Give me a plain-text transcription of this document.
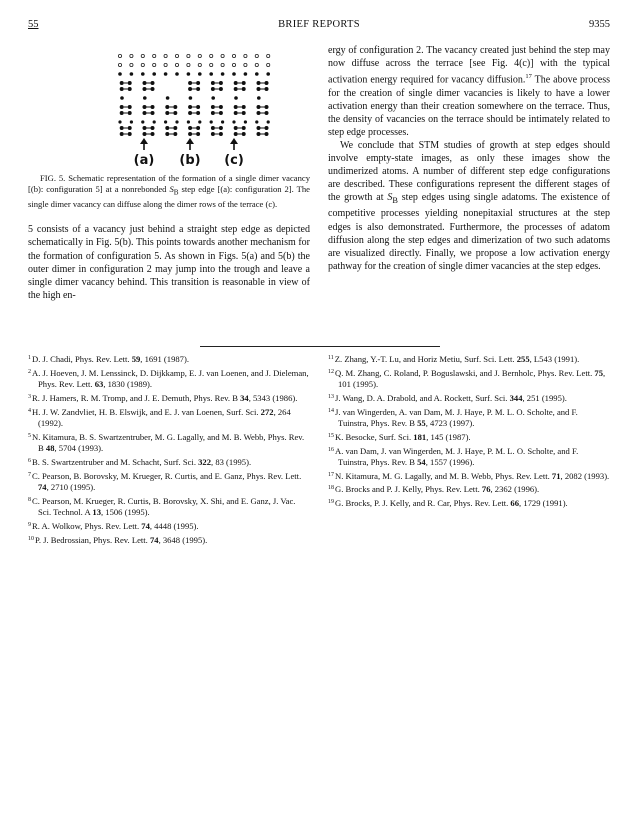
55	BRIEF REPORTS	9355
(a) (b) (c)
FIG. 5. Schematic representation of the formation of a single dimer vacancy [(b): configuration 5] at a nonrebonded $S_B$ step edge [(a): configuration 2]. The single dimer vacancy can diffuse along the dimer rows of the terrace (c).

5 consists of a vacancy just behind a straight step edge as depicted schematically in Fig. 5(b). This points towards another mechanism for the formation of configuration 5. As shown in Figs. 5(a) and 5(b) the outer dimer in configuration 2 may jump into the trough and leave a single dimer vacancy behind. This transition is reasonable in view of the high en-

ergy of configuration 2. The vacancy created just behind the step may now diffuse across the terrace [see Fig. 4(c)] with the typical activation energy required for vacancy diffusion.$^{17}$ The above process for the creation of single dimer vacancies is likely to have a lower activation energy than their creation somewhere on the terrace. Thus, the density of vacancies on the terrace should be intimately related to step edge processes.

We conclude that STM studies of growth at step edges should involve empty-state images, as only these images show the undimerized atoms. A number of different step edge configurations are described. These configurations represent the different stages of the growth at $S_B$ step edges using single adatoms. The existence of competitive processes yielding nonepitaxial structures at the step edges is also demonstrated. Furthermore, the processes of adatom diffusion along the step edges and dimerization of two such adatoms are visualized directly. Finally, we propose a low activation energy pathway for the creation of single dimer vacancies at the step edges.

$^1$D. J. Chadi, Phys. Rev. Lett. 59, 1691 (1987).
$^2$A. J. Hoeven, J. M. Lenssinck, D. Dijkkamp, E. J. van Loenen, and J. Dieleman, Phys. Rev. Lett. 63, 1830 (1989).
$^3$R. J. Hamers, R. M. Tromp, and J. E. Demuth, Phys. Rev. B 34, 5343 (1986).
$^4$H. J. W. Zandvliet, H. B. Elswijk, and E. J. van Loenen, Surf. Sci. 272, 264 (1992).
$^5$N. Kitamura, B. S. Swartzentruber, M. G. Lagally, and M. B. Webb, Phys. Rev. B 48, 5704 (1993).
$^6$B. S. Swartzentruber and M. Schacht, Surf. Sci. 322, 83 (1995).
$^7$C. Pearson, B. Borovsky, M. Krueger, R. Curtis, and E. Ganz, Phys. Rev. Lett. 74, 2710 (1995).
$^8$C. Pearson, M. Krueger, R. Curtis, B. Borovsky, X. Shi, and E. Ganz, J. Vac. Sci. Technol. A 13, 1506 (1995).
$^9$R. A. Wolkow, Phys. Rev. Lett. 74, 4448 (1995).
$^{10}$P. J. Bedrossian, Phys. Rev. Lett. 74, 3648 (1995).
$^{11}$Z. Zhang, Y.-T. Lu, and Horiz Metiu, Surf. Sci. Lett. 255, L543 (1991).
$^{12}$Q. M. Zhang, C. Roland, P. Boguslawski, and J. Bernholc, Phys. Rev. Lett. 75, 101 (1995).
$^{13}$J. Wang, D. A. Drabold, and A. Rockett, Surf. Sci. 344, 251 (1995).
$^{14}$J. van Wingerden, A. van Dam, M. J. Haye, P. M. L. O. Scholte, and F. Tuinstra, Phys. Rev. B 55, 4723 (1997).
$^{15}$K. Besocke, Surf. Sci. 181, 145 (1987).
$^{16}$A. van Dam, J. van Wingerden, M. J. Haye, P. M. L. O. Scholte, and F. Tuinstra, Phys. Rev. B 54, 1557 (1996).
$^{17}$N. Kitamura, M. G. Lagally, and M. B. Webb, Phys. Rev. Lett. 71, 2082 (1993).
$^{18}$G. Brocks and P. J. Kelly, Phys. Rev. Lett. 76, 2362 (1996).
$^{19}$G. Brocks, P. J. Kelly, and R. Car, Phys. Rev. Lett. 66, 1729 (1991).
